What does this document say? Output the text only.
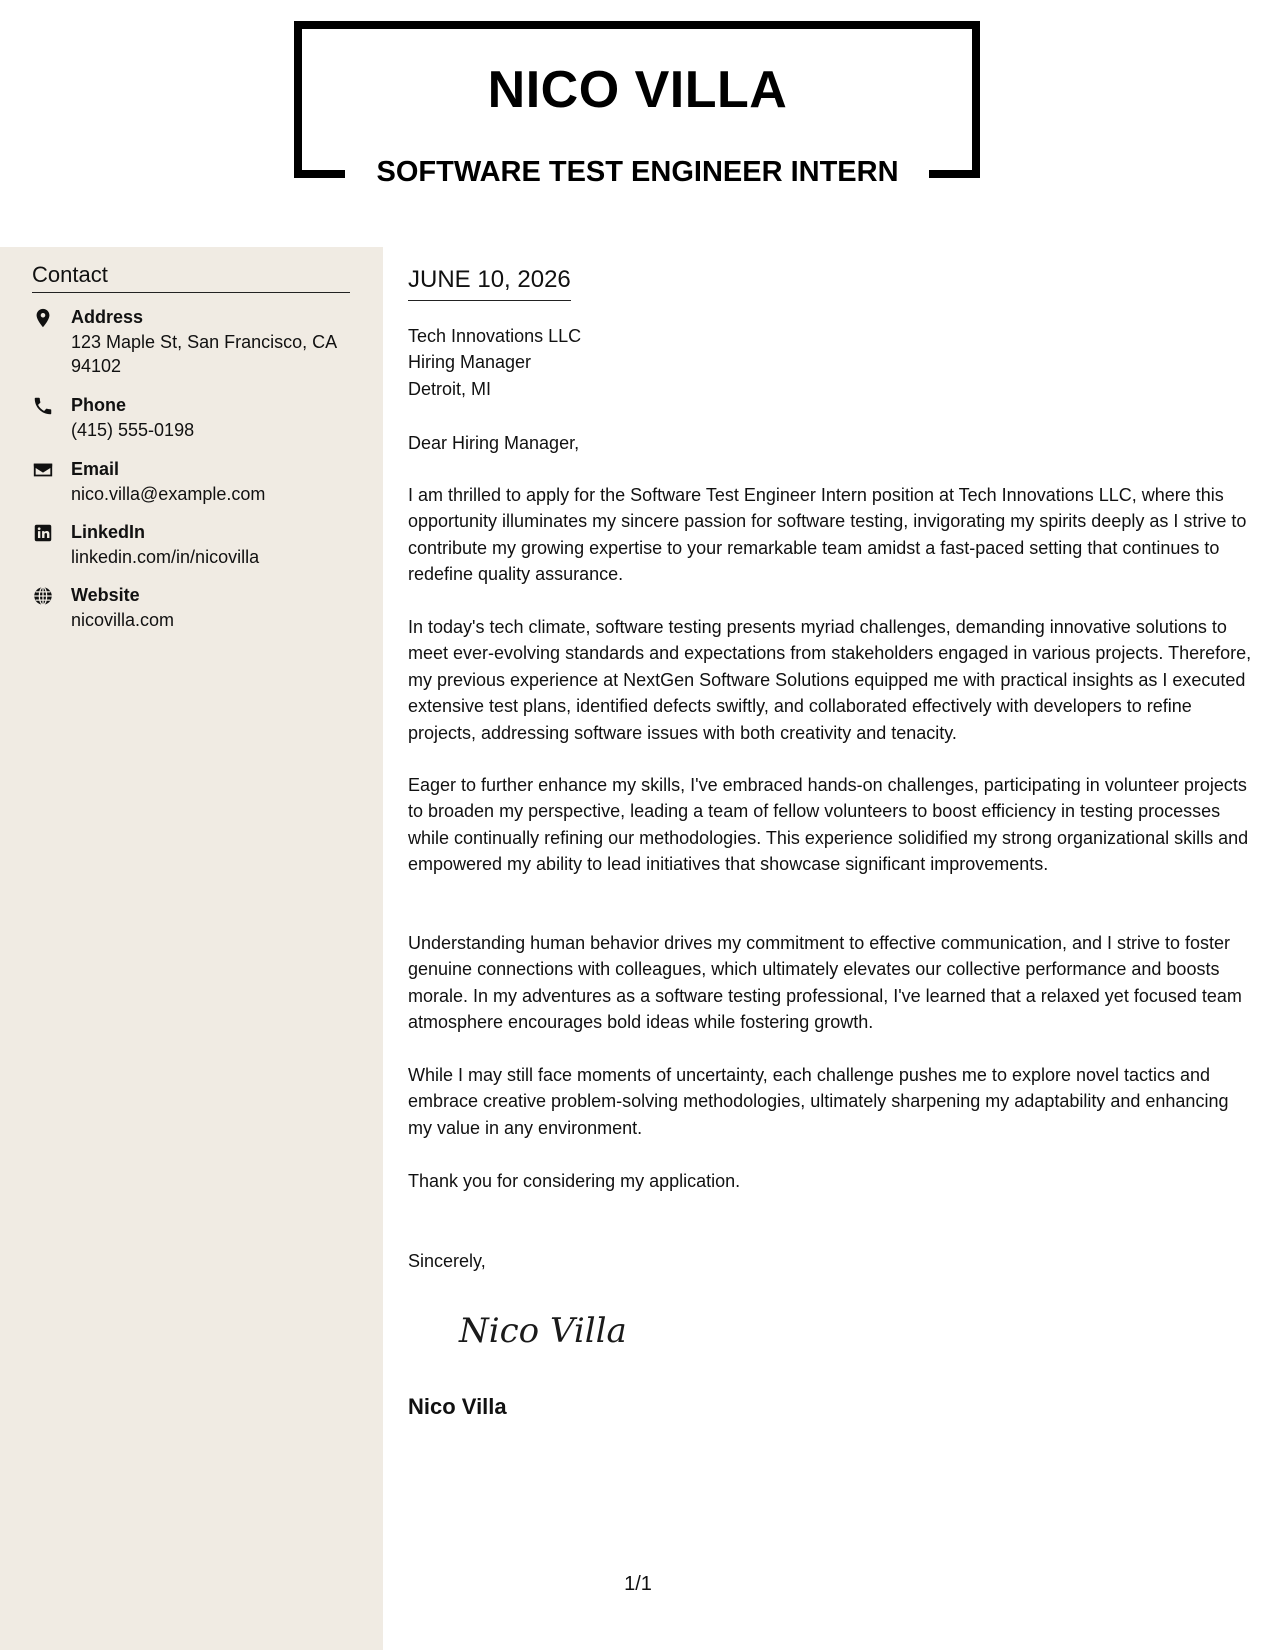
NICO VILLA
SOFTWARE TEST ENGINEER INTERN
Contact
Address
123 Maple St, San Francisco, CA 94102
Phone
(415) 555-0198
Email
nico.villa@example.com
LinkedIn
linkedin.com/in/nicovilla
Website
nicovilla.com
JUNE 10, 2026
Tech Innovations LLC
Hiring Manager
Detroit, MI
Dear Hiring Manager,

I am thrilled to apply for the Software Test Engineer Intern position at Tech Innovations LLC, where this opportunity illuminates my sincere passion for software testing, invigorating my spirits deeply as I strive to contribute my growing expertise to your remarkable team amidst a fast-paced setting that continues to redefine quality assurance.

In today's tech climate, software testing presents myriad challenges, demanding innovative solutions to meet ever-evolving standards and expectations from stakeholders engaged in various projects. Therefore, my previous experience at NextGen Software Solutions equipped me with practical insights as I executed extensive test plans, identified defects swiftly, and collaborated effectively with developers to refine projects, addressing software issues with both creativity and tenacity.

Eager to further enhance my skills, I've embraced hands-on challenges, participating in volunteer projects to broaden my perspective, leading a team of fellow volunteers to boost efficiency in testing processes while continually refining our methodologies. This experience solidified my strong organizational skills and empowered my ability to lead initiatives that showcase significant improvements.

Understanding human behavior drives my commitment to effective communication, and I strive to foster genuine connections with colleagues, which ultimately elevates our collective performance and boosts morale. In my adventures as a software testing professional, I've learned that a relaxed yet focused team atmosphere encourages bold ideas while fostering growth.

While I may still face moments of uncertainty, each challenge pushes me to explore novel tactics and embrace creative problem-solving methodologies, ultimately sharpening my adaptability and enhancing my value in any environment.

Thank you for considering my application.

Sincerely,
Nico Villa
Nico Villa
1/1
